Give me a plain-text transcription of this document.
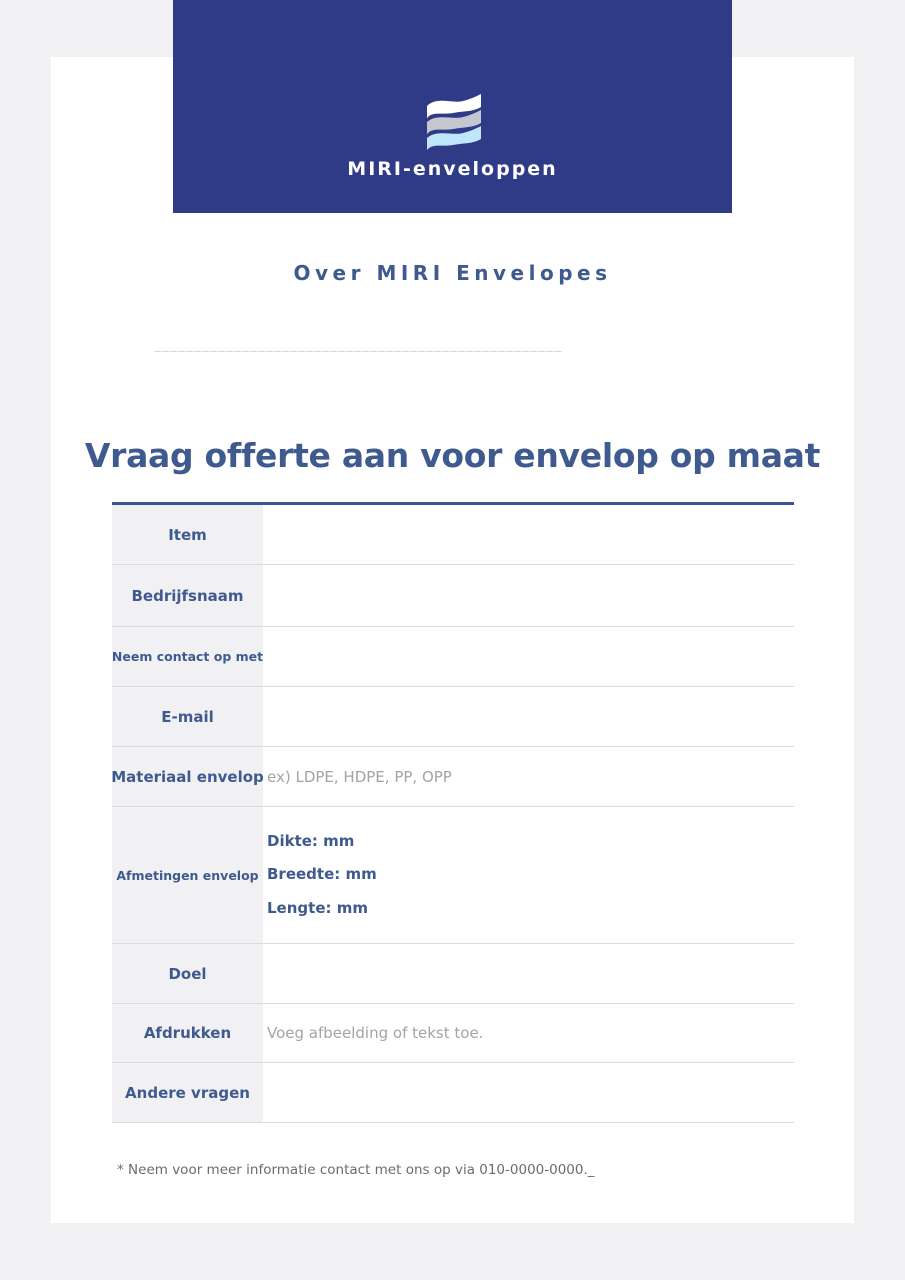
MIRI-enveloppen
Over MIRI Envelopes
Vraag offerte aan voor envelop op maat
Item
Bedrijfsnaam
Neem contact op met
E-mail
Materiaal envelop ex) LDPE, HDPE, PP, OPP
Afmetingen envelop
Dikte: mm
Breedte: mm
Lengte: mm
Doel
Afdrukken	Voeg afbeelding of tekst toe.
Andere vragen
* Neem voor meer informatie contact met ons op via 010-0000-0000._
